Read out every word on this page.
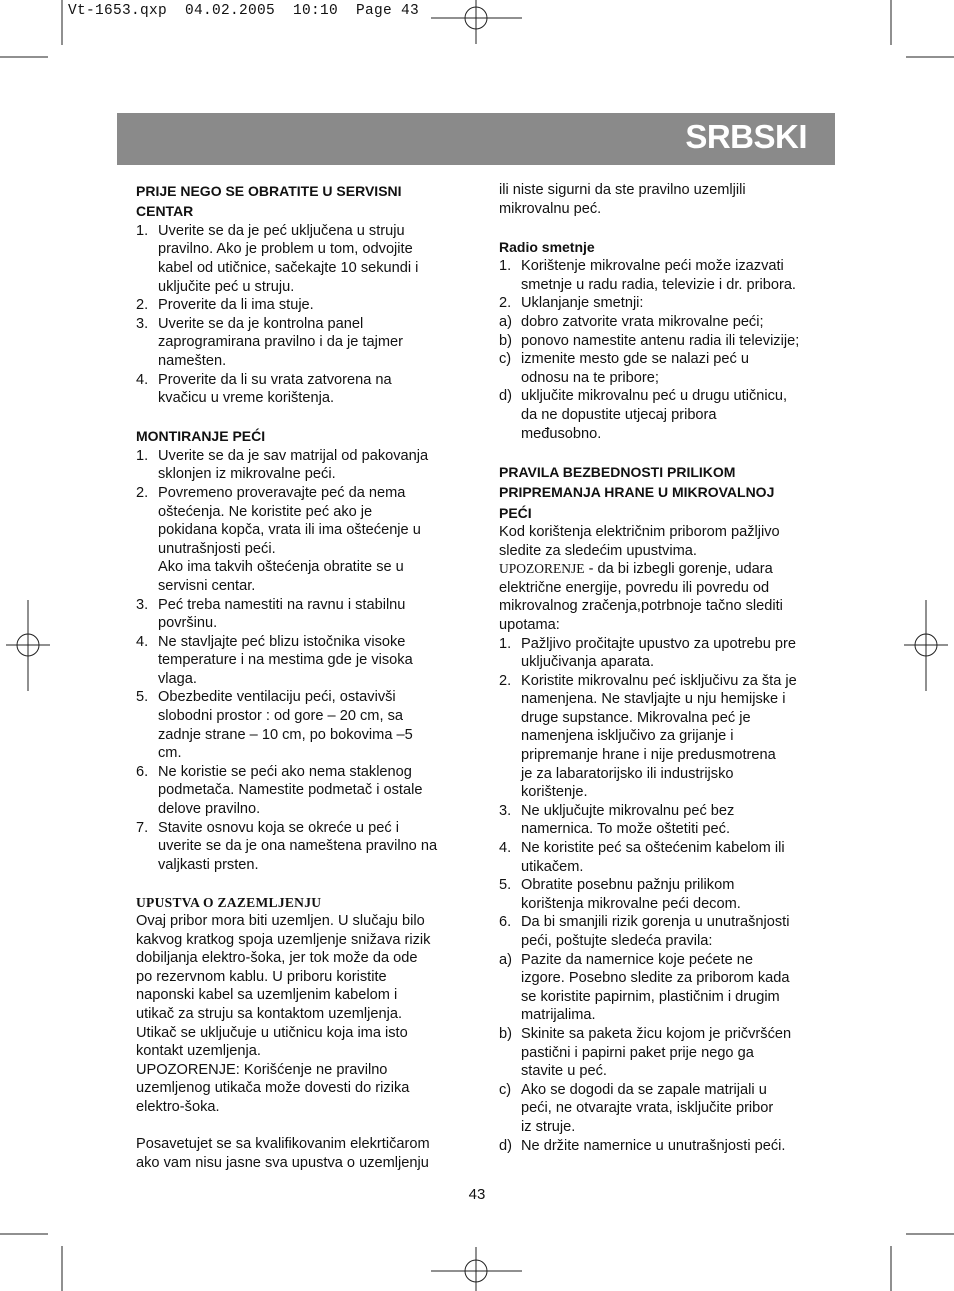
Vt-1653.qxp  04.02.2005  10:10  Page 43
SRBSKI
PRIJE NEGO SE OBRATITE U SERVISNI
CENTAR
1. Uverite se da je peć uključena u struju
pravilno. Ako je problem u tom, odvojite
kabel od utičnice, sačekajte 10 sekundi i
uključite peć u struju.
2. Proverite da li ima stuje.
3. Uverite se da je kontrolna panel
zaprogramirana pravilno i da je tajmer
namešten.
4. Proverite da li su vrata zatvorena na
kvačicu u vreme korištenja.
MONTIRANJE PEĆI
1. Uverite se da je sav matrijal od pakovanja
sklonjen iz mikrovalne peći.
2. Povremeno proveravajte peć da nema
oštećenja. Ne koristite peć ako je
pokidana kopča, vrata ili ima oštećenje u
unutrašnjosti peći.
Ako ima takvih oštećenja obratite se u
servisni centar.
3. Peć treba namestiti na ravnu i stabilnu
površinu.
4. Ne stavljajte peć blizu istočnika visoke
temperature i na mestima gde je visoka
vlaga.
5. Obezbedite ventilaciju peći, ostavivši
slobodni prostor : od gore – 20 cm, sa
zadnje strane – 10 cm, po bokovima –5
cm.
6. Ne koristie se peći ako nema staklenog
podmetača. Namestite podmetač i ostale
delove pravilno.
7. Stavite osnovu koja se okreće u peć i
uverite se da je ona nameštena pravilno na
valjkasti prsten.
UPUSTVA O ZAZEMLJENJU
Ovaj pribor mora biti uzemljen. U slučaju bilo
kakvog kratkog spoja uzemljenje snižava rizik
dobiljanja elektro-šoka, jer tok može da ode
po rezervnom kablu. U priboru koristite
naponski kabel sa uzemljenim kabelom i
utikač za struju sa kontaktom uzemljenja.
Utikač se uključuje u utičnicu koja ima isto
kontakt uzemljenja.
UPOZORENJE: Korišćenje ne pravilno
uzemljenog utikača može dovesti do rizika
elektro-šoka.
Posavetujet se sa kvalifikovanim elekrtičarom
ako vam nisu jasne sva upustva o uzemljenju
ili niste sigurni da ste pravilno uzemljili
mikrovalnu peć.
Radio smetnje
1. Korištenje mikrovalne peći može izazvati
smetnje u radu radia, televizie i dr. pribora.
2. Uklanjanje smetnji:
a) dobro zatvorite vrata mikrovalne peći;
b) ponovo namestite antenu radia ili televizije;
c) izmenite mesto gde se nalazi peć u
odnosu na te pribore;
d) uključite mikrovalnu peć u drugu utičnicu,
da ne dopustite utjecaj pribora
međusobno.
PRAVILA BEZBEDNOSTI PRILIKOM
PRIPREMANJA HRANE U MIKROVALNOJ
PEĆI
Kod korištenja električnim priborom pažljivo
sledite za sledećim upustvima.
UPOZORENJE - da bi izbegli gorenje, udara
električne energije, povredu ili povredu od
mikrovalnog zračenja,potrbnoje tačno slediti
upotama:
1. Pažljivo pročitajte upustvo za upotrebu pre
uključivanja aparata.
2. Koristite mikrovalnu peć isključivu za šta je
namenjena. Ne stavljajte u nju hemijske i
druge supstance. Mikrovalna peć je
namenjena isključivo za grijanje i
pripremanje hrane i nije predusmotrena
je za labaratorijsko ili industrijsko
korištenje.
3. Ne uključujte mikrovalnu peć bez
namernica. To može oštetiti peć.
4. Ne koristite peć sa oštećenim kabelom ili
utikačem.
5. Obratite posebnu pažnju prilikom
korištenja mikrovalne peći decom.
6. Da bi smanjili rizik gorenja u unutrašnjosti
peći, poštujte sledeća pravila:
a) Pazite da namernice koje pećete ne
izgore. Posebno sledite za priborom kada
se koristite papirnim, plastičnim i drugim
matrijalima.
b) Skinite sa paketa žicu kojom je pričvršćen
pastični i papirni paket prije nego ga
stavite u peć.
c) Ako se dogodi da se zapale matrijali u
peći, ne otvarajte vrata, isključite pribor
iz struje.
d) Ne držite namernice u unutrašnjosti peći.
43
